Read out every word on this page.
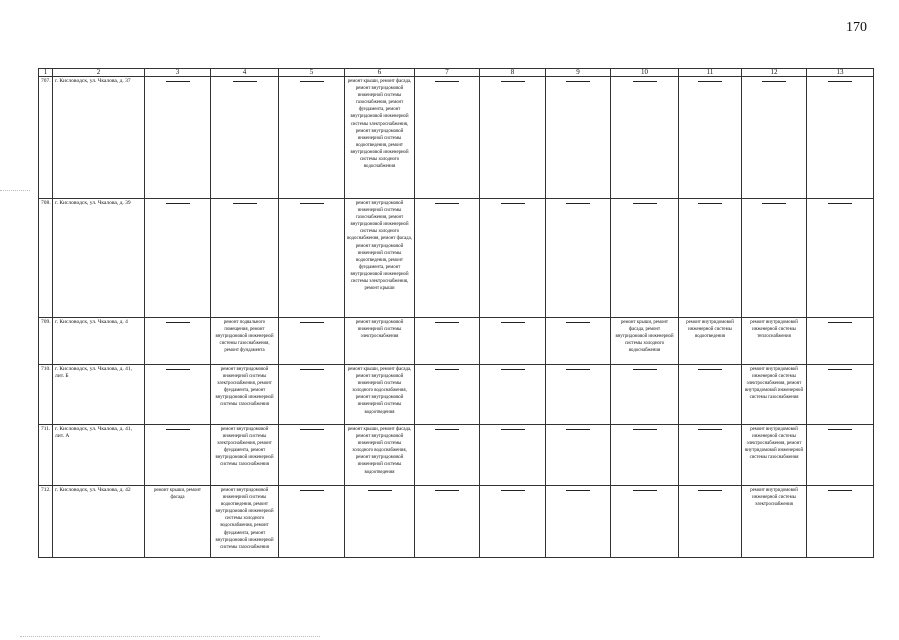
170
1	2	3	4	5	6	7	8	9	10	11	12	13
707.	г. Кисловодск, ул. Чкалова, д. 37				ремонт крыши, ремонт фасада, ремонт внутридомовой инженерной системы газоснабжения, ремонт фундамента, ремонт внутридомовой инженерной системы электроснабжения, ремонт внутридомовой инженерной системы водоотведения, ремонт внутридомовой инженерной системы холодного водоснабжения	

708.	г. Кисловодск, ул. Чкалова, д. 39				ремонт внутридомовой инженерной системы газоснабжения, ремонт внутридомовой инженерной системы холодного водоснабжения, ремонт фасада, ремонт внутридомовой инженерной системы водоотведения, ремонт фундамента, ремонт внутридомовой инженерной системы электроснабжения, ремонт крыши	

709.	г. Кисловодск, ул. Чкалова, д. 4		ремонт подвального помещения, ремонт внутридомовой инженерной системы газоснабжения, ремонт фундамента		ремонт внутридомовой инженерной системы электроснабжения				ремонт крыши, ремонт фасада, ремонт внутридомовой инженерной системы холодного водоснабжения	ремонт внутридомовой инженерной системы водоотведения	ремонт внутридомовой инженерной системы теплоснабжения	

710.	г. Кисловодск, ул. Чкалова, д. 41, лит. Б		ремонт внутридомовой инженерной системы электроснабжения, ремонт фундамента, ремонт внутридомовой инженерной системы газоснабжения		ремонт крыши, ремонт фасада, ремонт внутридомовой инженерной системы холодного водоснабжения, ремонт внутридомовой инженерной системы водоотведения						ремонт внутридомовой инженерной системы электроснабжения, ремонт внутридомовой инженерной системы газоснабжения	

711.	г. Кисловодск, ул. Чкалова, д. 41, лит. А		ремонт внутридомовой инженерной системы электроснабжения, ремонт фундамента, ремонт внутридомовой инженерной системы газоснабжения		ремонт крыши, ремонт фасада, ремонт внутридомовой инженерной системы холодного водоснабжения, ремонт внутридомовой инженерной системы водоотведения						ремонт внутридомовой инженерной системы электроснабжения, ремонт внутридомовой инженерной системы газоснабжения	

712.	г. Кисловодск, ул. Чкалова, д. 42	ремонт крыши, ремонт фасада	ремонт внутридомовой инженерной системы водоотведения, ремонт внутридомовой инженерной системы холодного водоснабжения, ремонт фундамента, ремонт внутридомовой инженерной системы газоснабжения								ремонт внутридомовой инженерной системы электроснабжения	
